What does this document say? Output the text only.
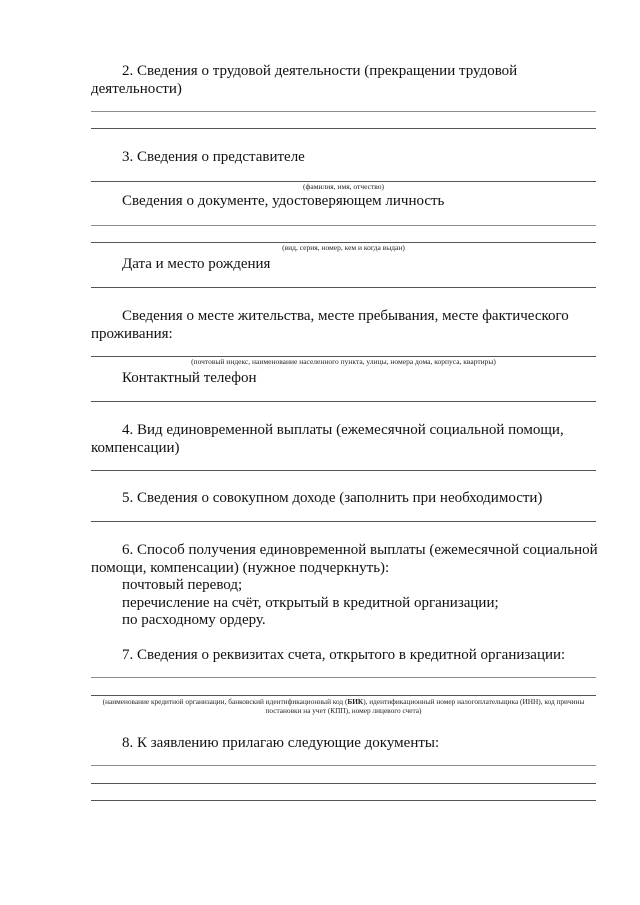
2. Сведения о трудовой деятельности (прекращении трудовой
деятельности)
3. Сведения о представителе
(фамилия, имя, отчество)
Сведения о документе, удостоверяющем личность
(вид, серия, номер, кем и когда выдан)
Дата и место рождения
Сведения о месте жительства, месте пребывания, месте фактического
проживания:
(почтовый индекс, наименование населенного пункта, улицы, номера дома, корпуса, квартиры)
Контактный телефон
4. Вид единовременной выплаты (ежемесячной социальной помощи,
компенсации)
5. Сведения о совокупном доходе (заполнить при необходимости)
6. Способ получения единовременной выплаты (ежемесячной социальной
помощи, компенсации) (нужное подчеркнуть):
почтовый перевод;
перечисление на счёт, открытый в кредитной организации;
по расходному ордеру.
7. Сведения о реквизитах счета, открытого в кредитной организации:
(наименование кредитной организации, банковский идентификационный код (БИК), идентификационный номер налогоплательщика (ИНН), код причины постановки на учет (КПП), номер лицевого счета)
8. К заявлению прилагаю следующие документы:
